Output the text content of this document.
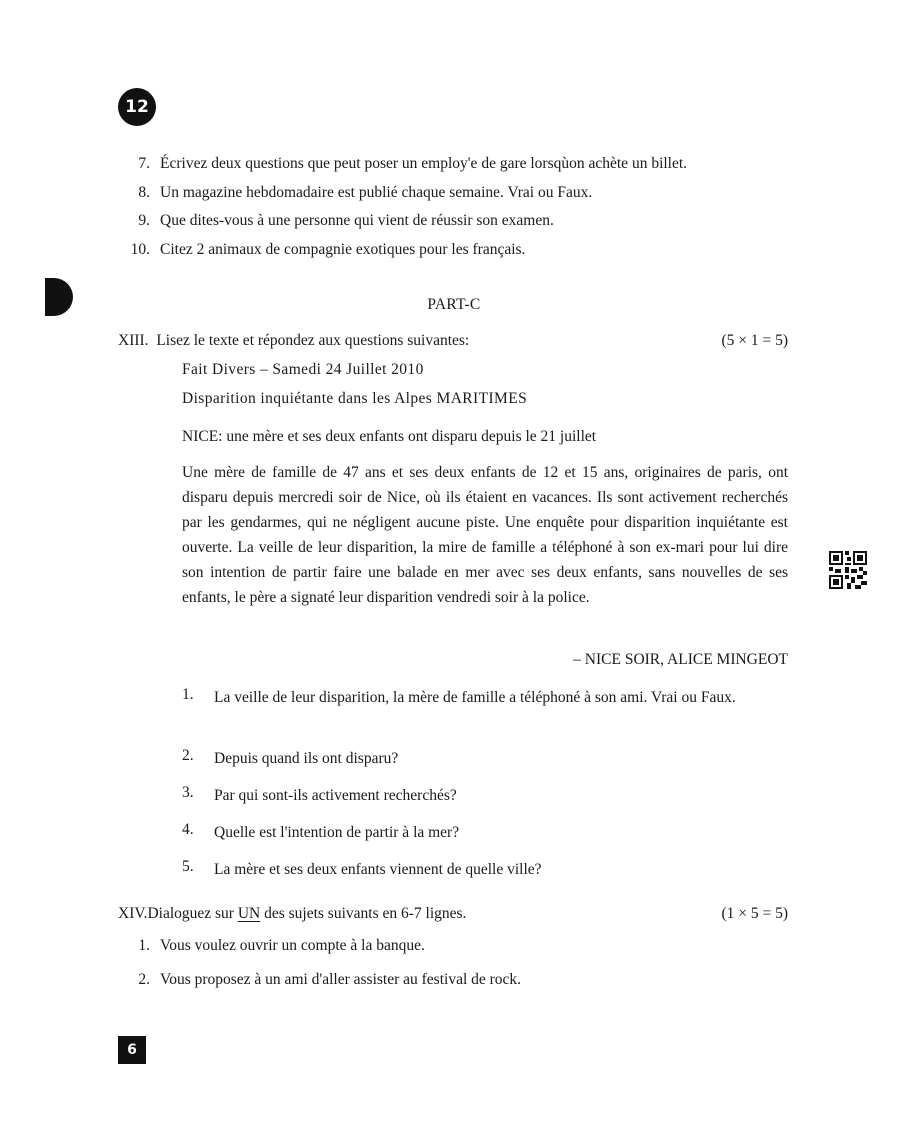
12
7. Écrivez deux questions que peut poser un employ'e de gare lorsqùon achète un billet.
8. Un magazine hebdomadaire est publié chaque semaine. Vrai ou Faux.
9. Que dites-vous à une personne qui vient de réussir son examen.
10. Citez 2 animaux de compagnie exotiques pour les français.
PART-C
XIII. Lisez le texte et répondez aux questions suivantes:	(5 × 1 = 5)
Fait Divers – Samedi 24 Juillet 2010
Disparition inquiétante dans les Alpes MARITIMES
NICE: une mère et ses deux enfants ont disparu depuis le 21 juillet
Une mère de famille de 47 ans et ses deux enfants de 12 et 15 ans, originaires de paris, ont disparu depuis mercredi soir de Nice, où ils étaient en vacances. Ils sont activement recherchés par les gendarmes, qui ne négligent aucune piste. Une enquête pour disparition inquiétante est ouverte. La veille de leur disparition, la mire de famille a téléphoné à son ex-mari pour lui dire son intention de partir faire une balade en mer avec ses deux enfants, sans nouvelles de ses enfants, le père a signaté leur disparition vendredi soir à la police.
– NICE SOIR, ALICE MINGEOT
1.	La veille de leur disparition, la mère de famille a téléphoné à son ami. Vrai ou Faux.
2.	Depuis quand ils ont disparu?
3.	Par qui sont-ils activement recherchés?
4.	Quelle est l'intention de partir à la mer?
5.	La mère et ses deux enfants viennent de quelle ville?
XIV.Dialoguez sur UN des sujets suivants en 6-7 lignes.	(1 × 5 = 5)
1. Vous voulez ouvrir un compte à la banque.
2. Vous proposez à un ami d'aller assister au festival de rock.
6
